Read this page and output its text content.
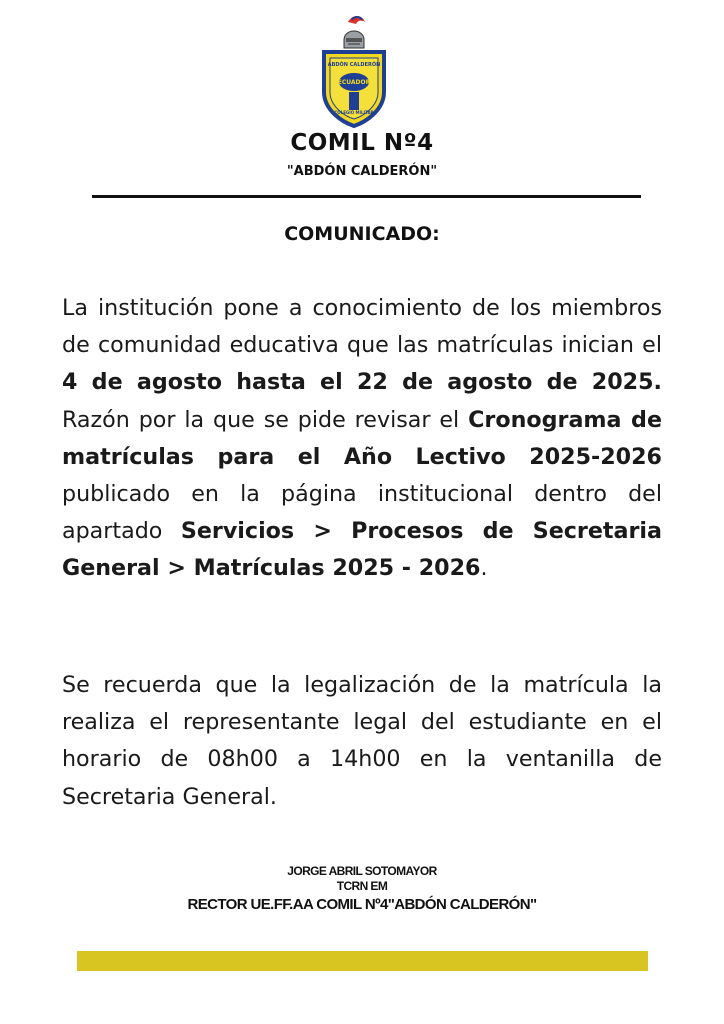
ABDÓN CALDERÓN
ECUADOR
COLEGIO MILITAR
COMIL Nº4
"ABDÓN CALDERÓN"
COMUNICADO:

La institución pone a conocimiento de los miembros de comunidad educativa que las matrículas inician el 4 de agosto hasta el 22 de agosto de 2025. Razón por la que se pide revisar el Cronograma de matrículas para el Año Lectivo 2025-2026 publicado en la página institucional dentro del apartado Servicios > Procesos de Secretaria General > Matrículas 2025 - 2026.

Se recuerda que la legalización de la matrícula la realiza el representante legal del estudiante en el horario de 08h00 a 14h00 en la ventanilla de Secretaria General.

JORGE ABRIL SOTOMAYOR
TCRN EM
RECTOR UE.FF.AA COMIL Nº4"ABDÓN CALDERÓN"
